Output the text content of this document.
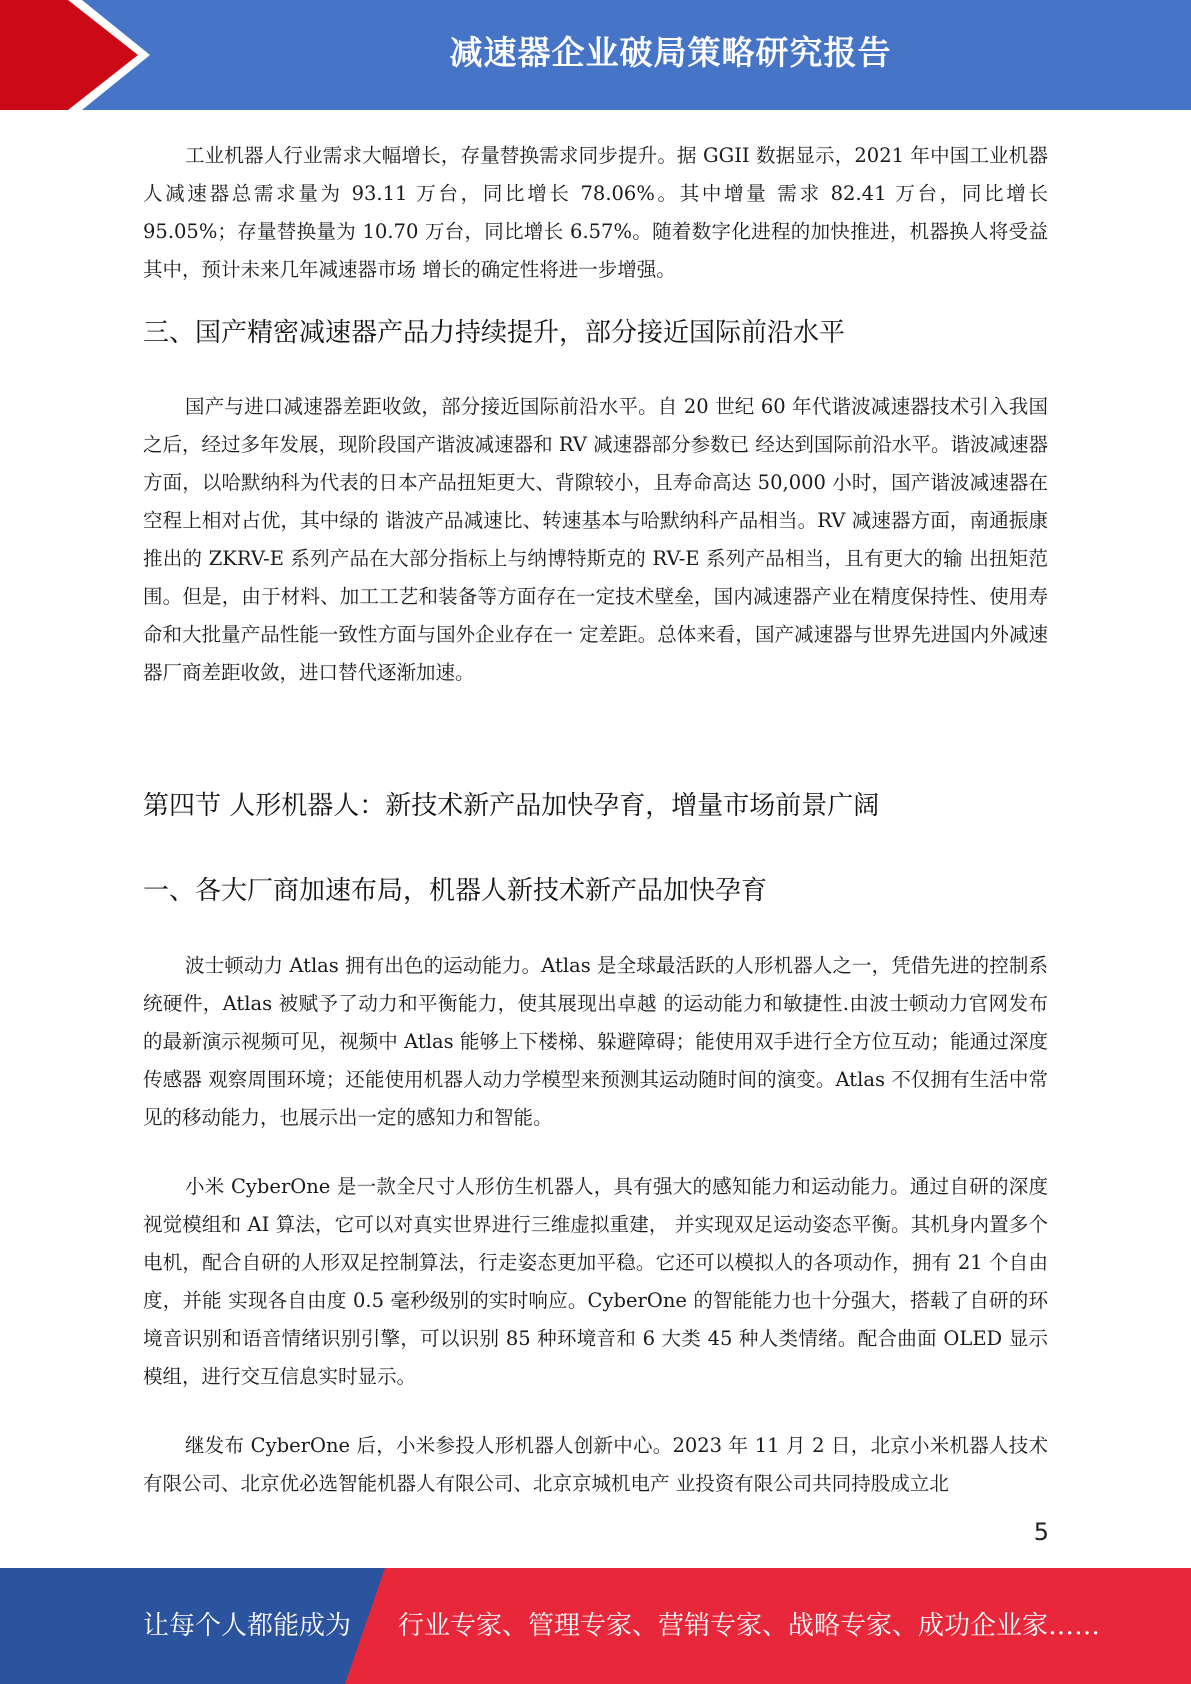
减速器企业破局策略研究报告

工业机器人行业需求大幅增长，存量替换需求同步提升。据 GGII 数据显示，2021 年中国工业机器人减速器总需求量为 93.11 万台，同比增长 78.06%。其中增量 需求 82.41 万台，同比增长 95.05%；存量替换量为 10.70 万台，同比增长 6.57%。随着数字化进程的加快推进，机器换人将受益其中，预计未来几年减速器市场 增长的确定性将进一步增强。

三、国产精密减速器产品力持续提升，部分接近国际前沿水平

国产与进口减速器差距收敛，部分接近国际前沿水平。自 20 世纪 60 年代谐波减速器技术引入我国之后，经过多年发展，现阶段国产谐波减速器和 RV 减速器部分参数已 经达到国际前沿水平。谐波减速器方面，以哈默纳科为代表的日本产品扭矩更大、背隙较小，且寿命高达 50,000 小时，国产谐波减速器在空程上相对占优，其中绿的 谐波产品减速比、转速基本与哈默纳科产品相当。RV 减速器方面，南通振康推出的 ZKRV-E 系列产品在大部分指标上与纳博特斯克的 RV-E 系列产品相当，且有更大的输 出扭矩范围。但是，由于材料、加工工艺和装备等方面存在一定技术壁垒，国内减速器产业在精度保持性、使用寿命和大批量产品性能一致性方面与国外企业存在一 定差距。总体来看，国产减速器与世界先进国内外减速器厂商差距收敛，进口替代逐渐加速。

第四节 人形机器人：新技术新产品加快孕育，增量市场前景广阔
一、各大厂商加速布局，机器人新技术新产品加快孕育

波士顿动力 Atlas 拥有出色的运动能力。Atlas 是全球最活跃的人形机器人之一，凭借先进的控制系统硬件，Atlas 被赋予了动力和平衡能力，使其展现出卓越 的运动能力和敏捷性.由波士顿动力官网发布的最新演示视频可见，视频中 Atlas 能够上下楼梯、躲避障碍；能使用双手进行全方位互动；能通过深度传感器 观察周围环境；还能使用机器人动力学模型来预测其运动随时间的演变。Atlas 不仅拥有生活中常见的移动能力，也展示出一定的感知力和智能。

小米 CyberOne 是一款全尺寸人形仿生机器人，具有强大的感知能力和运动能力。通过自研的深度视觉模组和 AI 算法，它可以对真实世界进行三维虚拟重建， 并实现双足运动姿态平衡。其机身内置多个电机，配合自研的人形双足控制算法，行走姿态更加平稳。它还可以模拟人的各项动作，拥有 21 个自由度，并能 实现各自由度 0.5 毫秒级别的实时响应。CyberOne 的智能能力也十分强大，搭载了自研的环境音识别和语音情绪识别引擎，可以识别 85 种环境音和 6 大类 45 种人类情绪。配合曲面 OLED 显示模组，进行交互信息实时显示。

继发布 CyberOne 后，小米参投人形机器人创新中心。2023 年 11 月 2 日，北京小米机器人技术有限公司、北京优必选智能机器人有限公司、北京京城机电产 业投资有限公司共同持股成立北

5
让每个人都能成为 行业专家、管理专家、营销专家、战略专家、成功企业家……
